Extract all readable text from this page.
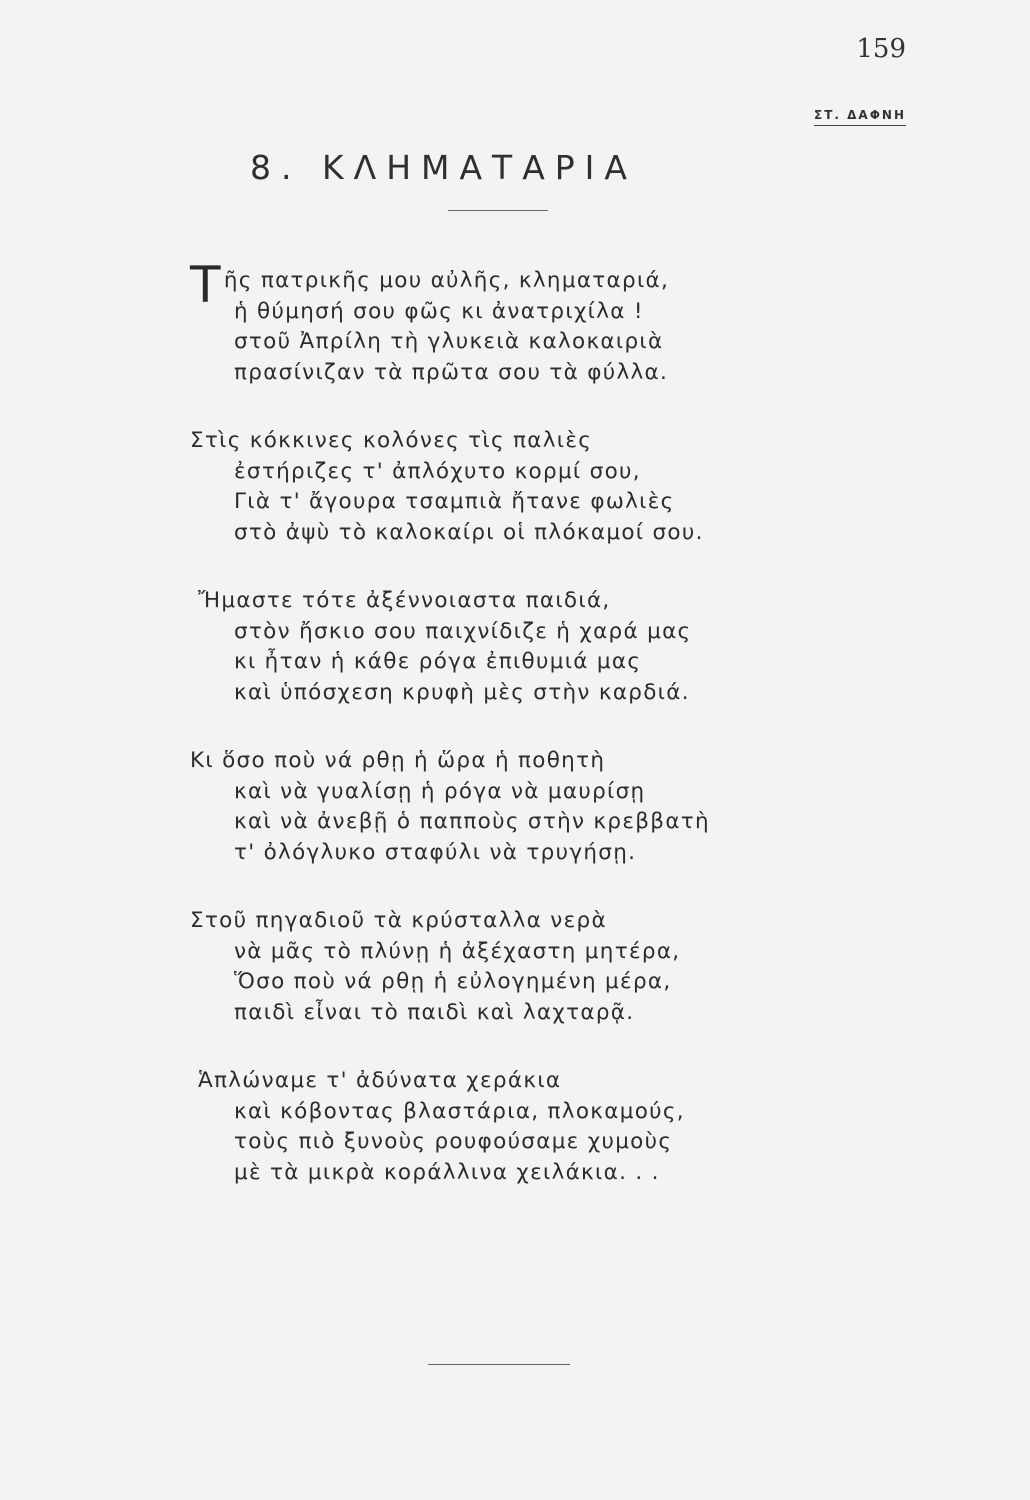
159
ΣΤ. ΔΑΦΝΗ
8. ΚΛΗΜΑΤΑΡΙΑ
Τ ῆς πατρικῆς μου αὐλῆς, κληματαριά,
ἡ θύμησή σου φῶς κι ἀνατριχίλα !
στοῦ Ἀπρίλη τὴ γλυκειὰ καλοκαιριὰ
πρασίνιζαν τὰ πρῶτα σου τὰ φύλλα.
Στὶς κόκκινες κολόνες τὶς παλιὲς
ἐστήριζες τ' ἀπλόχυτο κορμί σου,
Γιὰ τ' ἄγουρα τσαμπιὰ ἤτανε φωλιὲς
στὸ ἀψὺ τὸ καλοκαίρι οἱ πλόκαμοί σου.
Ἤμαστε τότε ἀξέννοιαστα παιδιά,
στὸν ἤσκιο σου παιχνίδιζε ἡ χαρά μας
κι ἦταν ἡ κάθε ρόγα ἐπιθυμιά μας
καὶ ὑπόσχεση κρυφὴ μὲς στὴν καρδιά.
Κι ὅσο ποὺ νά ρθῃ ἡ ὥρα ἡ ποθητὴ
καὶ νὰ γυαλίσῃ ἡ ρόγα νὰ μαυρίσῃ
καὶ νὰ ἀνεβῇ ὁ παπποὺς στὴν κρεββατὴ
τ' ὀλόγλυκο σταφύλι νὰ τρυγήσῃ.
Στοῦ πηγαδιοῦ τὰ κρύσταλλα νερὰ
νὰ μᾶς τὸ πλύνῃ ἡ ἀξέχαστη μητέρα,
Ὅσο ποὺ νά ρθῃ ἡ εὐλογημένη μέρα,
παιδὶ εἶναι τὸ παιδὶ καὶ λαχταρᾷ.
Ἁπλώναμε τ' ἀδύνατα χεράκια
καὶ κόβοντας βλαστάρια, πλοκαμούς,
τοὺς πιὸ ξυνοὺς ρουφούσαμε χυμοὺς
μὲ τὰ μικρὰ κοράλλινα χειλάκια. . .
